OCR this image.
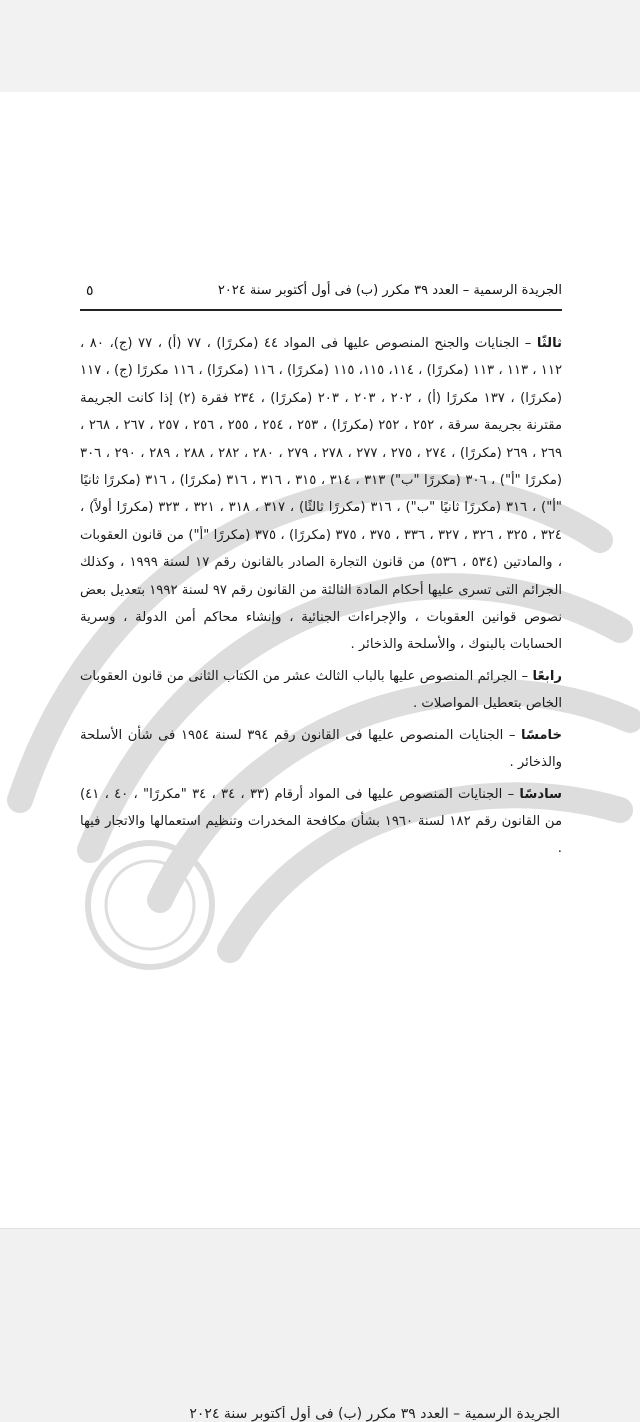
الجريدة الرسمية – العدد ٣٩ مكرر (ب) فى أول أكتوبر سنة ٢٠٢٤
٥

ثالثًا – الجنايات والجنح المنصوص عليها فى المواد ٤٤ (مكررًا) ، ٧٧ (أ) ، ٧٧ (ج)، ٨٠ ، ١١٢ ، ١١٣ ، ١١٣ (مكررًا) ، ١١٤، ١١٥، ١١٥ (مكررًا) ، ١١٦ (مكررًا) ، ١١٦ مكررًا (ج) ، ١١٧ (مكررًا) ، ١٣٧ مكررًا (أ) ، ٢٠٢ ، ٢٠٣ ، ٢٠٣ (مكررًا) ، ٢٣٤ فقرة (٢) إذا كانت الجريمة مقترنة بجريمة سرقة ، ٢٥٢ ، ٢٥٢ (مكررًا) ، ٢٥٣ ، ٢٥٤ ، ٢٥٥ ، ٢٥٦ ، ٢٥٧ ، ٢٦٧ ، ٢٦٨ ، ٢٦٩ ، ٢٦٩ (مكررًا) ، ٢٧٤ ، ٢٧٥ ، ٢٧٧ ، ٢٧٨ ، ٢٧٩ ، ٢٨٠ ، ٢٨٢ ، ٢٨٨ ، ٢٨٩ ، ٢٩٠ ، ٣٠٦ (مكررًا "أ") ، ٣٠٦ (مكررًا "ب") ٣١٣ ، ٣١٤ ، ٣١٥ ، ٣١٦ ، ٣١٦ (مكررًا) ، ٣١٦ (مكررًا ثانيًا "أ") ، ٣١٦ (مكررًا ثانيًا "ب") ، ٣١٦ (مكررًا ثالثًا) ، ٣١٧ ، ٣١٨ ، ٣٢١ ، ٣٢٣ (مكررًا أولاً) ، ٣٢٤ ، ٣٢٥ ، ٣٢٦ ، ٣٢٧ ، ٣٣٦ ، ٣٧٥ ، ٣٧٥ (مكررًا) ، ٣٧٥ (مكررًا "أ") من قانون العقوبات ، والمادتين (٥٣٤ ، ٥٣٦) من قانون التجارة الصادر بالقانون رقم ١٧ لسنة ١٩٩٩ ، وكذلك الجرائم التى تسرى عليها أحكام المادة الثالثة من القانون رقم ٩٧ لسنة ١٩٩٢ بتعديل بعض نصوص قوانين العقوبات ، والإجراءات الجنائية ، وإنشاء محاكم أمن الدولة ، وسرية الحسابات بالبنوك ، والأسلحة والذخائر .

رابعًا – الجرائم المنصوص عليها بالباب الثالث عشر من الكتاب الثانى من قانون العقوبات الخاص بتعطيل المواصلات .

خامسًا – الجنايات المنصوص عليها فى القانون رقم ٣٩٤ لسنة ١٩٥٤ فى شأن الأسلحة والذخائر .

سادسًا – الجنايات المنصوص عليها فى المواد أرقام (٣٣ ، ٣٤ ، ٣٤ "مكررًا" ، ٤٠ ، ٤١) من القانون رقم ١٨٢ لسنة ١٩٦٠ بشأن مكافحة المخدرات وتنظيم استعمالها والاتجار فيها .

الجريدة الرسمية – العدد ٣٩ مكرر (ب) فى أول أكتوبر سنة ٢٠٢٤
